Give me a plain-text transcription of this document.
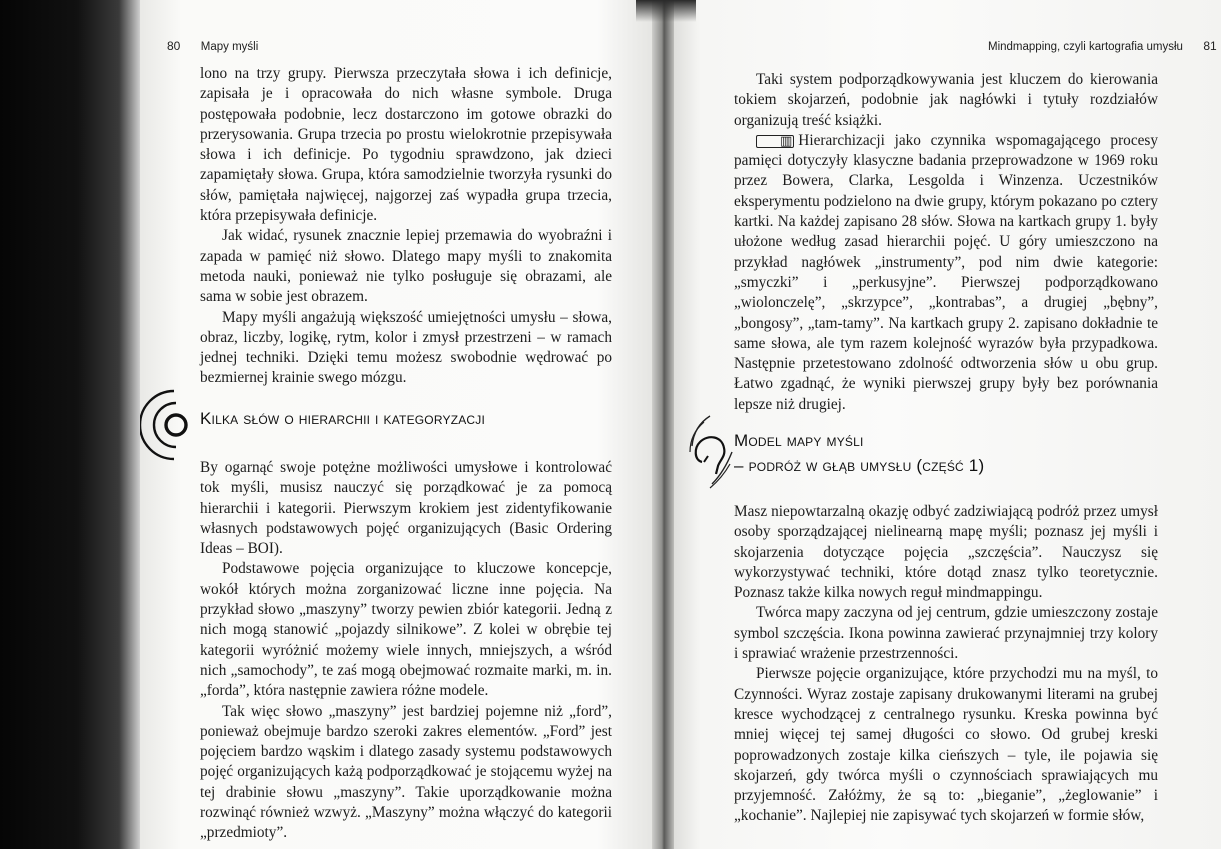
80 Mapy myśli

lono na trzy grupy. Pierwsza przeczytała słowa i ich definicje, zapisała je i opracowała do nich własne symbole. Druga postępowała podobnie, lecz dostarczono im gotowe obrazki do przerysowania. Grupa trzecia po prostu wielokrotnie przepisywała słowa i ich definicje. Po tygodniu sprawdzono, jak dzieci zapamiętały słowa. Grupa, która samodzielnie tworzyła rysunki do słów, pamiętała najwięcej, najgorzej zaś wypadła grupa trzecia, która przepisywała definicje.

Jak widać, rysunek znacznie lepiej przemawia do wyobraźni i zapada w pamięć niż słowo. Dlatego mapy myśli to znakomita metoda nauki, ponieważ nie tylko posługuje się obrazami, ale sama w sobie jest obrazem.

Mapy myśli angażują większość umiejętności umysłu – słowa, obraz, liczby, logikę, rytm, kolor i zmysł przestrzeni – w ramach jednej techniki. Dzięki temu możesz swobodnie wędrować po bezmiernej krainie swego mózgu.

Kilka słów o hierarchii i kategoryzacji

By ogarnąć swoje potężne możliwości umysłowe i kontrolować tok myśli, musisz nauczyć się porządkować je za pomocą hierarchii i kategorii. Pierwszym krokiem jest zidentyfikowanie własnych podstawowych pojęć organizujących (Basic Ordering Ideas – BOI).

Podstawowe pojęcia organizujące to kluczowe koncepcje, wokół których można zorganizować liczne inne pojęcia. Na przykład słowo „maszyny” tworzy pewien zbiór kategorii. Jedną z nich mogą stanowić „pojazdy silnikowe”. Z kolei w obrębie tej kategorii wyróżnić możemy wiele innych, mniejszych, a wśród nich „samochody”, te zaś mogą obejmować rozmaite marki, m. in. „forda”, która następnie zawiera różne modele.

Tak więc słowo „maszyny” jest bardziej pojemne niż „ford”, ponieważ obejmuje bardzo szeroki zakres elementów. „Ford” jest pojęciem bardzo wąskim i dlatego zasady systemu podstawowych pojęć organizujących każą podporządkować je stojącemu wyżej na tej drabinie słowu „maszyny”. Takie uporządkowanie można rozwinąć również wzwyż. „Maszyny” można włączyć do kategorii „przedmioty”.

Mindmapping, czyli kartografia umysłu 81

Taki system podporządkowywania jest kluczem do kierowania tokiem skojarzeń, podobnie jak nagłówki i tytuły rozdziałów organizują treść książki.

▥ Hierarchizacji jako czynnika wspomagającego procesy pamięci dotyczyły klasyczne badania przeprowadzone w 1969 roku przez Bowera, Clarka, Lesgolda i Winzenza. Uczestników eksperymentu podzielono na dwie grupy, którym pokazano po cztery kartki. Na każdej zapisano 28 słów. Słowa na kartkach grupy 1. były ułożone według zasad hierarchii pojęć. U góry umieszczono na przykład nagłówek „instrumenty”, pod nim dwie kategorie: „smyczki” i „perkusyjne”. Pierwszej podporządkowano „wiolonczelę”, „skrzypce”, „kontrabas”, a drugiej „bębny”, „bongosy”, „tam-tamy”. Na kartkach grupy 2. zapisano dokładnie te same słowa, ale tym razem kolejność wyrazów była przypadkowa. Następnie przetestowano zdolność odtworzenia słów u obu grup. Łatwo zgadnąć, że wyniki pierwszej grupy były bez porównania lepsze niż drugiej.

Model mapy myśli
– podróż w głąb umysłu (część 1)

Masz niepowtarzalną okazję odbyć zadziwiającą podróż przez umysł osoby sporządzającej nielinearną mapę myśli; poznasz jej myśli i skojarzenia dotyczące pojęcia „szczęścia”. Nauczysz się wykorzystywać techniki, które dotąd znasz tylko teoretycznie. Poznasz także kilka nowych reguł mindmappingu.

Twórca mapy zaczyna od jej centrum, gdzie umieszczony zostaje symbol szczęścia. Ikona powinna zawierać przynajmniej trzy kolory i sprawiać wrażenie przestrzenności.

Pierwsze pojęcie organizujące, które przychodzi mu na myśl, to Czynności. Wyraz zostaje zapisany drukowanymi literami na grubej kresce wychodzącej z centralnego rysunku. Kreska powinna być mniej więcej tej samej długości co słowo. Od grubej kreski poprowadzonych zostaje kilka cieńszych – tyle, ile pojawia się skojarzeń, gdy twórca myśli o czynnościach sprawiających mu przyjemność. Załóżmy, że są to: „bieganie”, „żeglowanie” i „kochanie”. Najlepiej nie zapisywać tych skojarzeń w formie słów,
